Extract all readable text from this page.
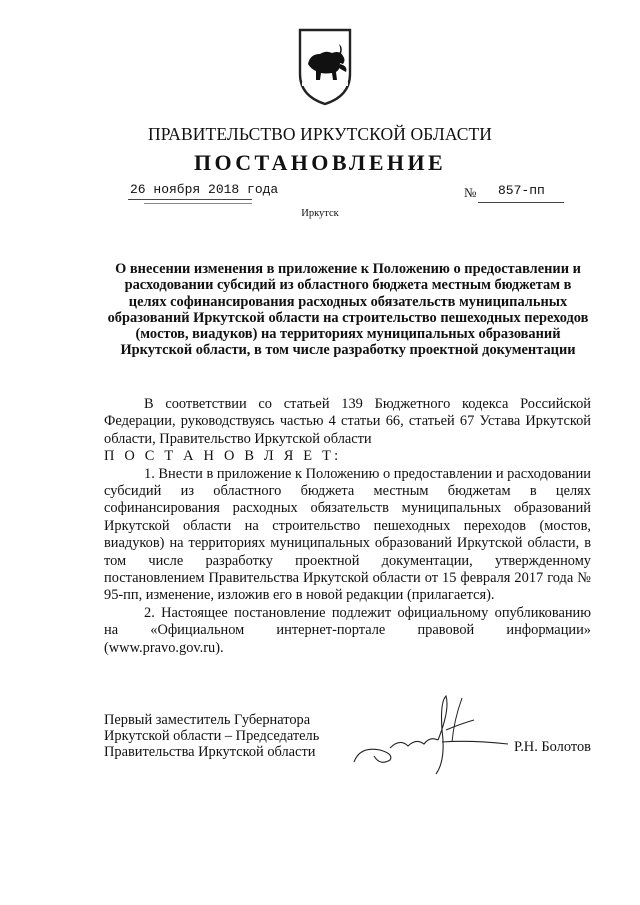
ПРАВИТЕЛЬСТВО ИРКУТСКОЙ ОБЛАСТИ
ПОСТАНОВЛЕНИЕ
26 ноября 2018 года	№ 857-пп
Иркутск
О внесении изменения в приложение к Положению о предоставлении и расходовании субсидий из областного бюджета местным бюджетам в целях софинансирования расходных обязательств муниципальных образований Иркутской области на строительство пешеходных переходов (мостов, виадуков) на территориях муниципальных образований Иркутской области, в том числе разработку проектной документации

В соответствии со статьей 139 Бюджетного кодекса Российской Федерации, руководствуясь частью 4 статьи 66, статьей 67 Устава Иркутской области, Правительство Иркутской области

П О С Т А Н О В Л Я Е Т:

1. Внести в приложение к Положению о предоставлении и расходовании субсидий из областного бюджета местным бюджетам в целях софинансирования расходных обязательств муниципальных образований Иркутской области на строительство пешеходных переходов (мостов, виадуков) на территориях муниципальных образований Иркутской области, в том числе разработку проектной документации, утвержденному постановлением Правительства Иркутской области от 15 февраля 2017 года № 95-пп, изменение, изложив его в новой редакции (прилагается).

2. Настоящее постановление подлежит официальному опубликованию на «Официальном интернет-портале правовой информации» (www.pravo.gov.ru).

Первый заместитель Губернатора
Иркутской области – Председатель
Правительства Иркутской области	Р.Н. Болотов
